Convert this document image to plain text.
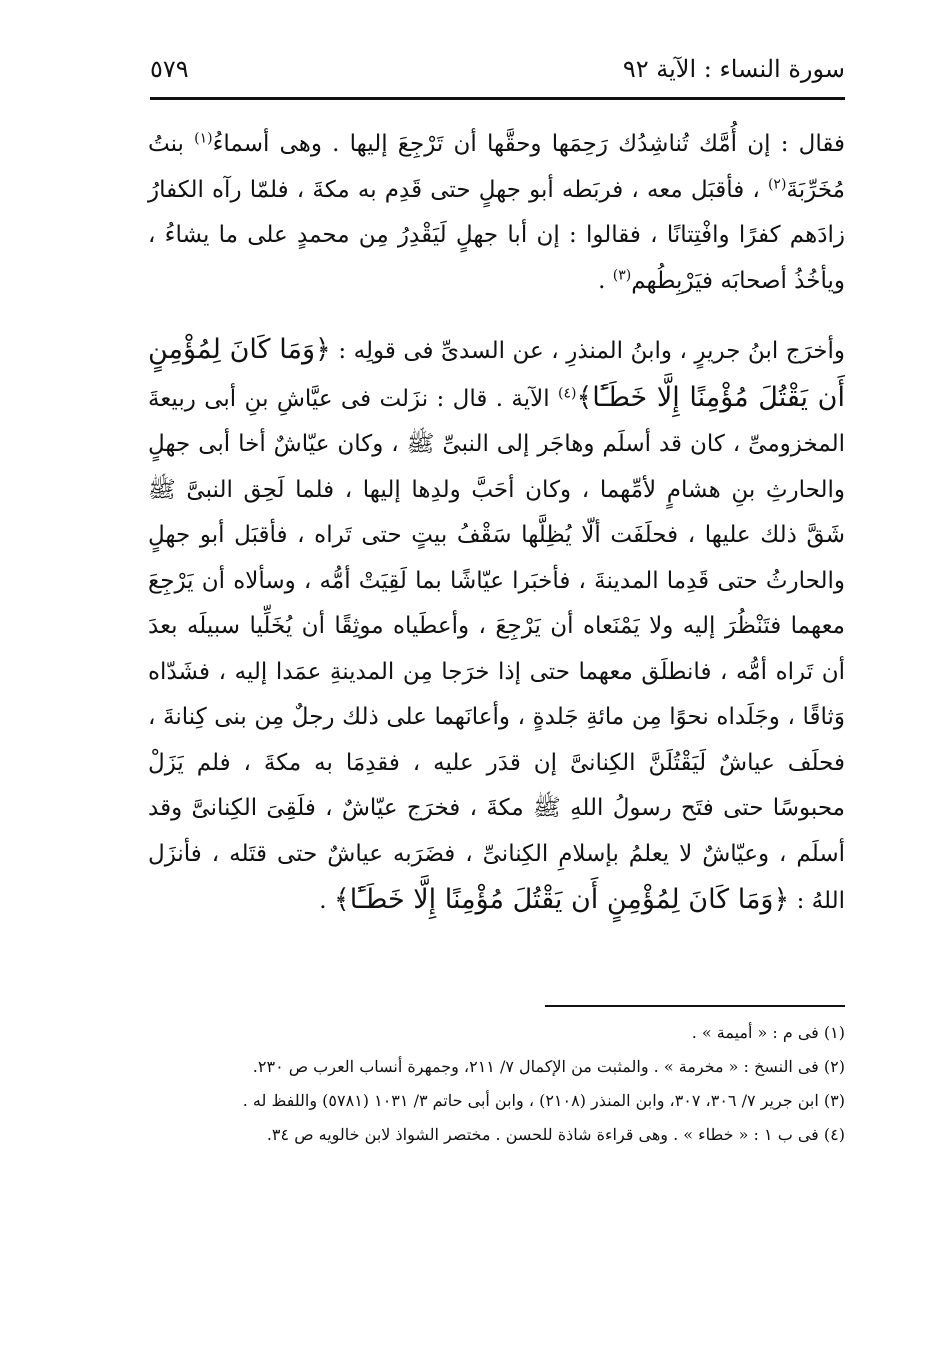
سورة النساء : الآية ٩٢
٥٧٩

فقال : إن أُمَّك تُناشِدُك رَحِمَها وحقَّها أن تَرْجِعَ إليها . وهى أسماءُ$^{(١)}$ بنتُ مُخَرِّبَةَ$^{(٢)}$ ، فأقبَل معه ، فربَطه أبو جهلٍ حتى قَدِم به مكةَ ، فلمّا رآه الكفارُ زادَهم كفرًا وافْتِتانًا ، فقالوا : إن أبا جهلٍ لَيَقْدِرُ مِن محمدٍ على ما يشاءُ ، ويأخُذُ أصحابَه فيَرْبِطُهم$^{(٣)}$ .

وأخرَج ابنُ جريرٍ ، وابنُ المنذرِ ، عن السدىِّ فى قولِه : ﴿وَمَا كَانَ لِمُؤْمِنٍ أَن يَقْتُلَ مُؤْمِنًا إِلَّا خَطَـًٔا﴾$^{(٤)}$ الآية . قال : نزَلت فى عيَّاشِ بنِ أبى ربيعةَ المخزومىِّ ، كان قد أسلَم وهاجَر إلى النبىِّ ﷺ ، وكان عيّاشٌ أخا أبى جهلٍ والحارثِ بنِ هشامٍ لأمِّهما ، وكان أحَبَّ ولدِها إليها ، فلما لَحِق النبىَّ ﷺ شَقَّ ذلك عليها ، فحلَفَت ألّا يُظِلَّها سَقْفُ بيتٍ حتى تَراه ، فأقبَل أبو جهلٍ والحارثُ حتى قَدِما المدينةَ ، فأخبَرا عيّاشًا بما لَقِيَتْ أمُّه ، وسألاه أن يَرْجِعَ معهما فتَنْظُرَ إليه ولا يَمْنَعاه أن يَرْجِعَ ، وأعطَياه موثِقًا أن يُخَلِّيا سبيلَه بعدَ أن تَراه أمُّه ، فانطلَق معهما حتى إذا خرَجا مِن المدينةِ عمَدا إليه ، فشَدّاه وَثاقًا ، وجَلَداه نحوًا مِن مائةِ جَلدةٍ ، وأعانَهما على ذلك رجلٌ مِن بنى كِنانةَ ، فحلَف عياشٌ لَيَقْتُلَنَّ الكِنانىَّ إن قدَر عليه ، فقدِمَا به مكةَ ، فلم يَزَلْ محبوسًا حتى فتَح رسولُ اللهِ ﷺ مكةَ ، فخرَج عيّاشٌ ، فلَقِىَ الكِنانىَّ وقد أسلَم ، وعيّاشٌ لا يعلمُ بإسلامِ الكِنانىِّ ، فضَرَبه عياشٌ حتى قتَله ، فأنزَل اللهُ : ﴿وَمَا كَانَ لِمُؤْمِنٍ أَن يَقْتُلَ مُؤْمِنًا إِلَّا خَطَـًٔا﴾ .

(١) فى م : « أميمة » .

(٢) فى النسخ : « مخرمة » . والمثبت من الإكمال ٧/ ٢١١، وجمهرة أنساب العرب ص ٢٣٠.

(٣) ابن جرير ٧/ ٣٠٦، ٣٠٧، وابن المنذر (٢١٠٨) ، وابن أبى حاتم ٣/ ١٠٣١ (٥٧٨١) واللفظ له .

(٤) فى ب ١ : « خطاء » . وهى قراءة شاذة للحسن . مختصر الشواذ لابن خالويه ص ٣٤.
